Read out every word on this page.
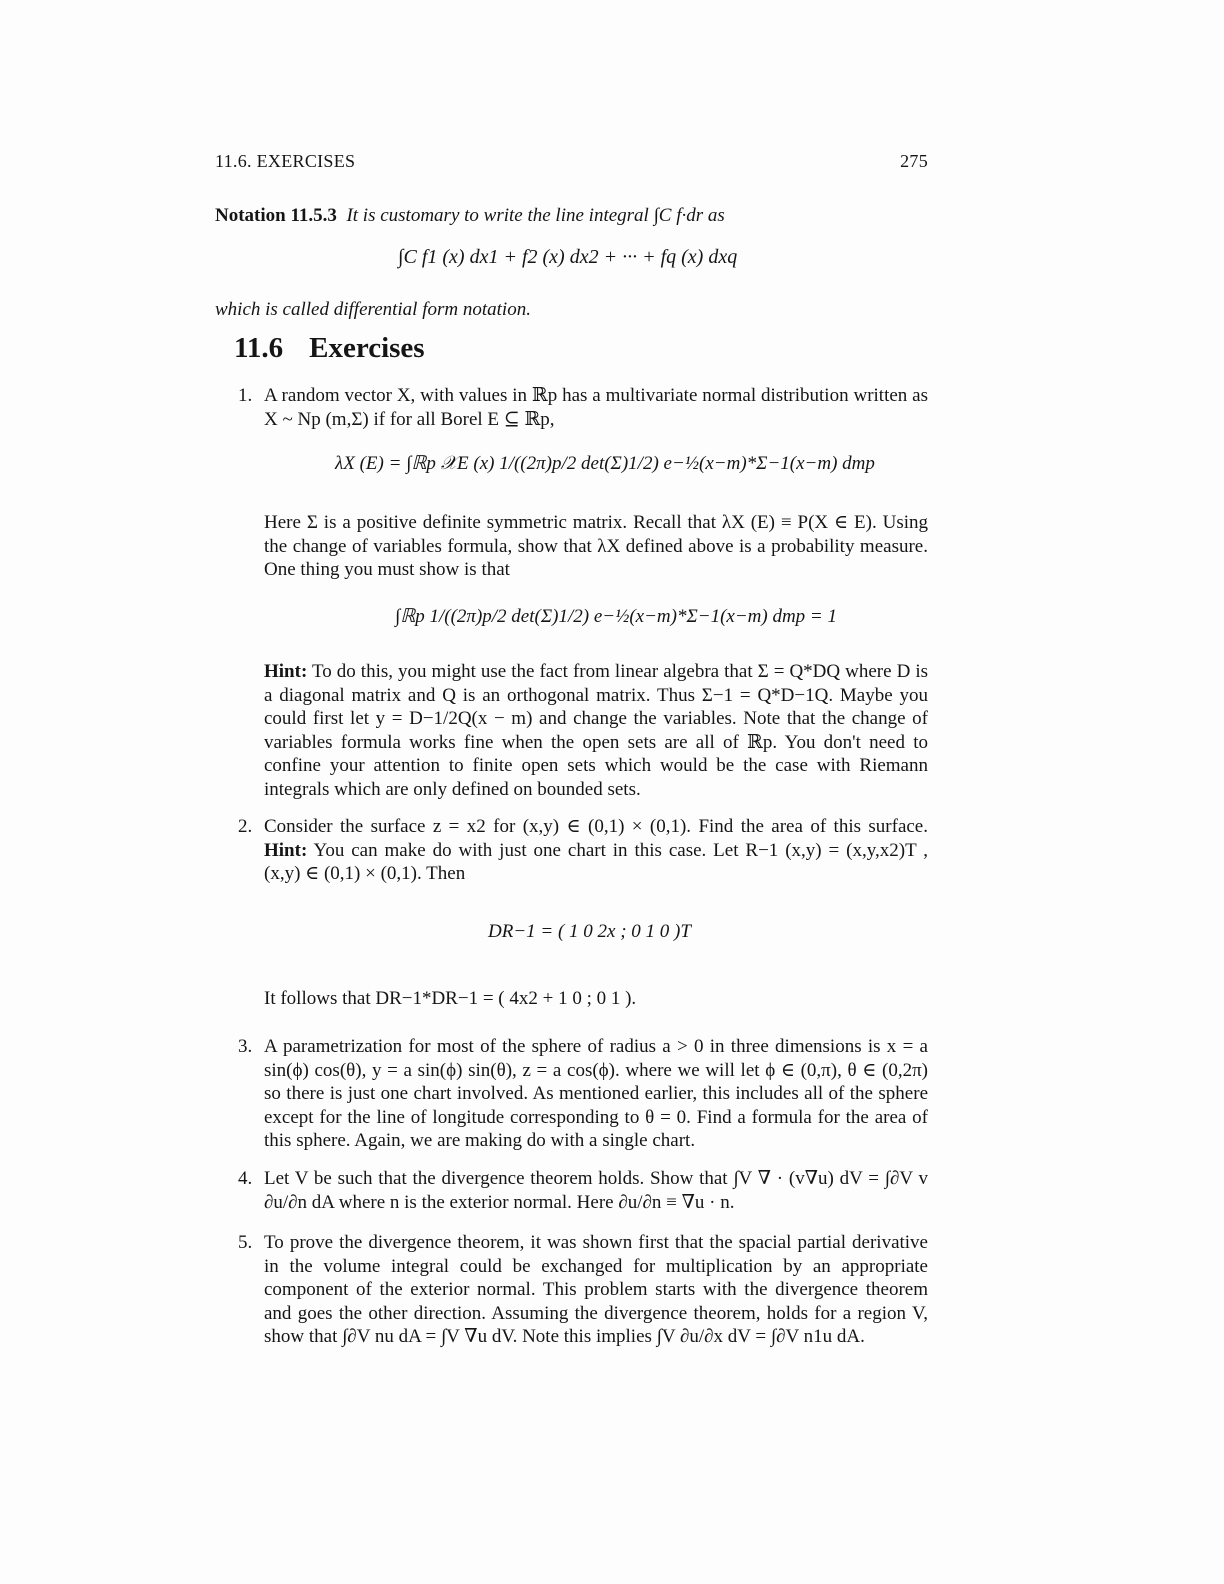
11.6. EXERCISES	275
Notation 11.5.3 It is customary to write the line integral ∫C f·dr as
∫C f1 (x) dx1 + f2 (x) dx2 + ··· + fq (x) dxq
which is called differential form notation.
11.6 Exercises
1. A random vector X, with values in ℝp has a multivariate normal distribution written as X ~ Np (m,Σ) if for all Borel E ⊆ ℝp,
λX (E) = ∫ℝp 𝒳E (x) 1/((2π)p/2 det(Σ)1/2) e−½(x−m)*Σ−1(x−m) dmp
Here Σ is a positive definite symmetric matrix. Recall that λX (E) ≡ P(X ∈ E). Using the change of variables formula, show that λX defined above is a probability measure. One thing you must show is that
∫ℝp 1/((2π)p/2 det(Σ)1/2) e−½(x−m)*Σ−1(x−m) dmp = 1
Hint: To do this, you might use the fact from linear algebra that Σ = Q*DQ where D is a diagonal matrix and Q is an orthogonal matrix. Thus Σ−1 = Q*D−1Q. Maybe you could first let y = D−1/2Q(x − m) and change the variables. Note that the change of variables formula works fine when the open sets are all of ℝp. You don't need to confine your attention to finite open sets which would be the case with Riemann integrals which are only defined on bounded sets.
2. Consider the surface z = x2 for (x,y) ∈ (0,1) × (0,1). Find the area of this surface. Hint: You can make do with just one chart in this case. Let R−1 (x,y) = (x,y,x2)T , (x,y) ∈ (0,1) × (0,1). Then
DR−1 = ( 1 0 2x ; 0 1 0 )T
It follows that DR−1*DR−1 = ( 4x2 + 1 0 ; 0 1 ).
3. A parametrization for most of the sphere of radius a > 0 in three dimensions is x = a sin(ϕ) cos(θ), y = a sin(ϕ) sin(θ), z = a cos(ϕ). where we will let ϕ ∈ (0,π), θ ∈ (0,2π) so there is just one chart involved. As mentioned earlier, this includes all of the sphere except for the line of longitude corresponding to θ = 0. Find a formula for the area of this sphere. Again, we are making do with a single chart.
4. Let V be such that the divergence theorem holds. Show that ∫V ∇ · (v∇u) dV = ∫∂V v ∂u/∂n dA where n is the exterior normal. Here ∂u/∂n ≡ ∇u · n.
5. To prove the divergence theorem, it was shown first that the spacial partial derivative in the volume integral could be exchanged for multiplication by an appropriate component of the exterior normal. This problem starts with the divergence theorem and goes the other direction. Assuming the divergence theorem, holds for a region V, show that ∫∂V nu dA = ∫V ∇u dV. Note this implies ∫V ∂u/∂x dV = ∫∂V n1u dA.
